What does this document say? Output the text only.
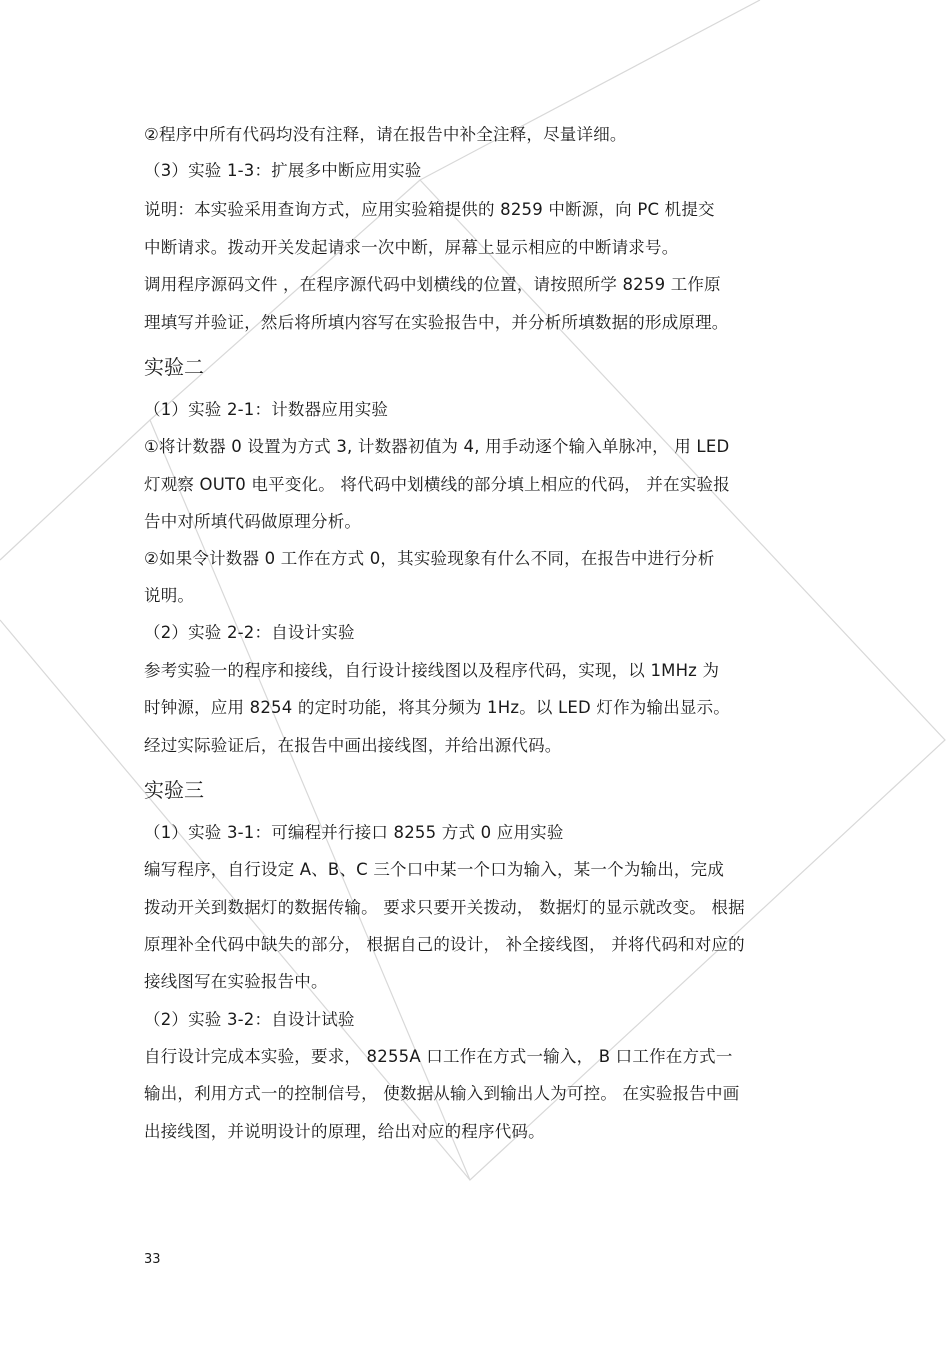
②程序中所有代码均没有注释，请在报告中补全注释，尽量详细。
（3）实验 1-3：扩展多中断应用实验
说明：本实验采用查询方式，应用实验箱提供的 8259 中断源，向 PC 机提交
中断请求。拨动开关发起请求一次中断，屏幕上显示相应的中断请求号。
调用程序源码文件 ，在程序源代码中划横线的位置，请按照所学 8259 工作原
理填写并验证，然后将所填内容写在实验报告中，并分析所填数据的形成原理。
实验二
（1）实验 2-1：计数器应用实验
①将计数器 0 设置为方式 3, 计数器初值为 4, 用手动逐个输入单脉冲， 用 LED
灯观察 OUT0 电平变化。 将代码中划横线的部分填上相应的代码， 并在实验报
告中对所填代码做原理分析。
②如果令计数器 0 工作在方式 0，其实验现象有什么不同，在报告中进行分析
说明。
（2）实验 2-2：自设计实验
参考实验一的程序和接线，自行设计接线图以及程序代码，实现，以 1MHz 为
时钟源，应用 8254 的定时功能，将其分频为 1Hz。以 LED 灯作为输出显示。
经过实际验证后，在报告中画出接线图，并给出源代码。
实验三
（1）实验 3-1：可编程并行接口 8255 方式 0 应用实验
编写程序，自行设定 A、B、C 三个口中某一个口为输入，某一个为输出，完成
拨动开关到数据灯的数据传输。 要求只要开关拨动， 数据灯的显示就改变。 根据
原理补全代码中缺失的部分， 根据自己的设计， 补全接线图， 并将代码和对应的
接线图写在实验报告中。
（2）实验 3-2：自设计试验
自行设计完成本实验，要求， 8255A 口工作在方式一输入， B 口工作在方式一
输出，利用方式一的控制信号， 使数据从输入到输出人为可控。 在实验报告中画
出接线图，并说明设计的原理，给出对应的程序代码。
33
